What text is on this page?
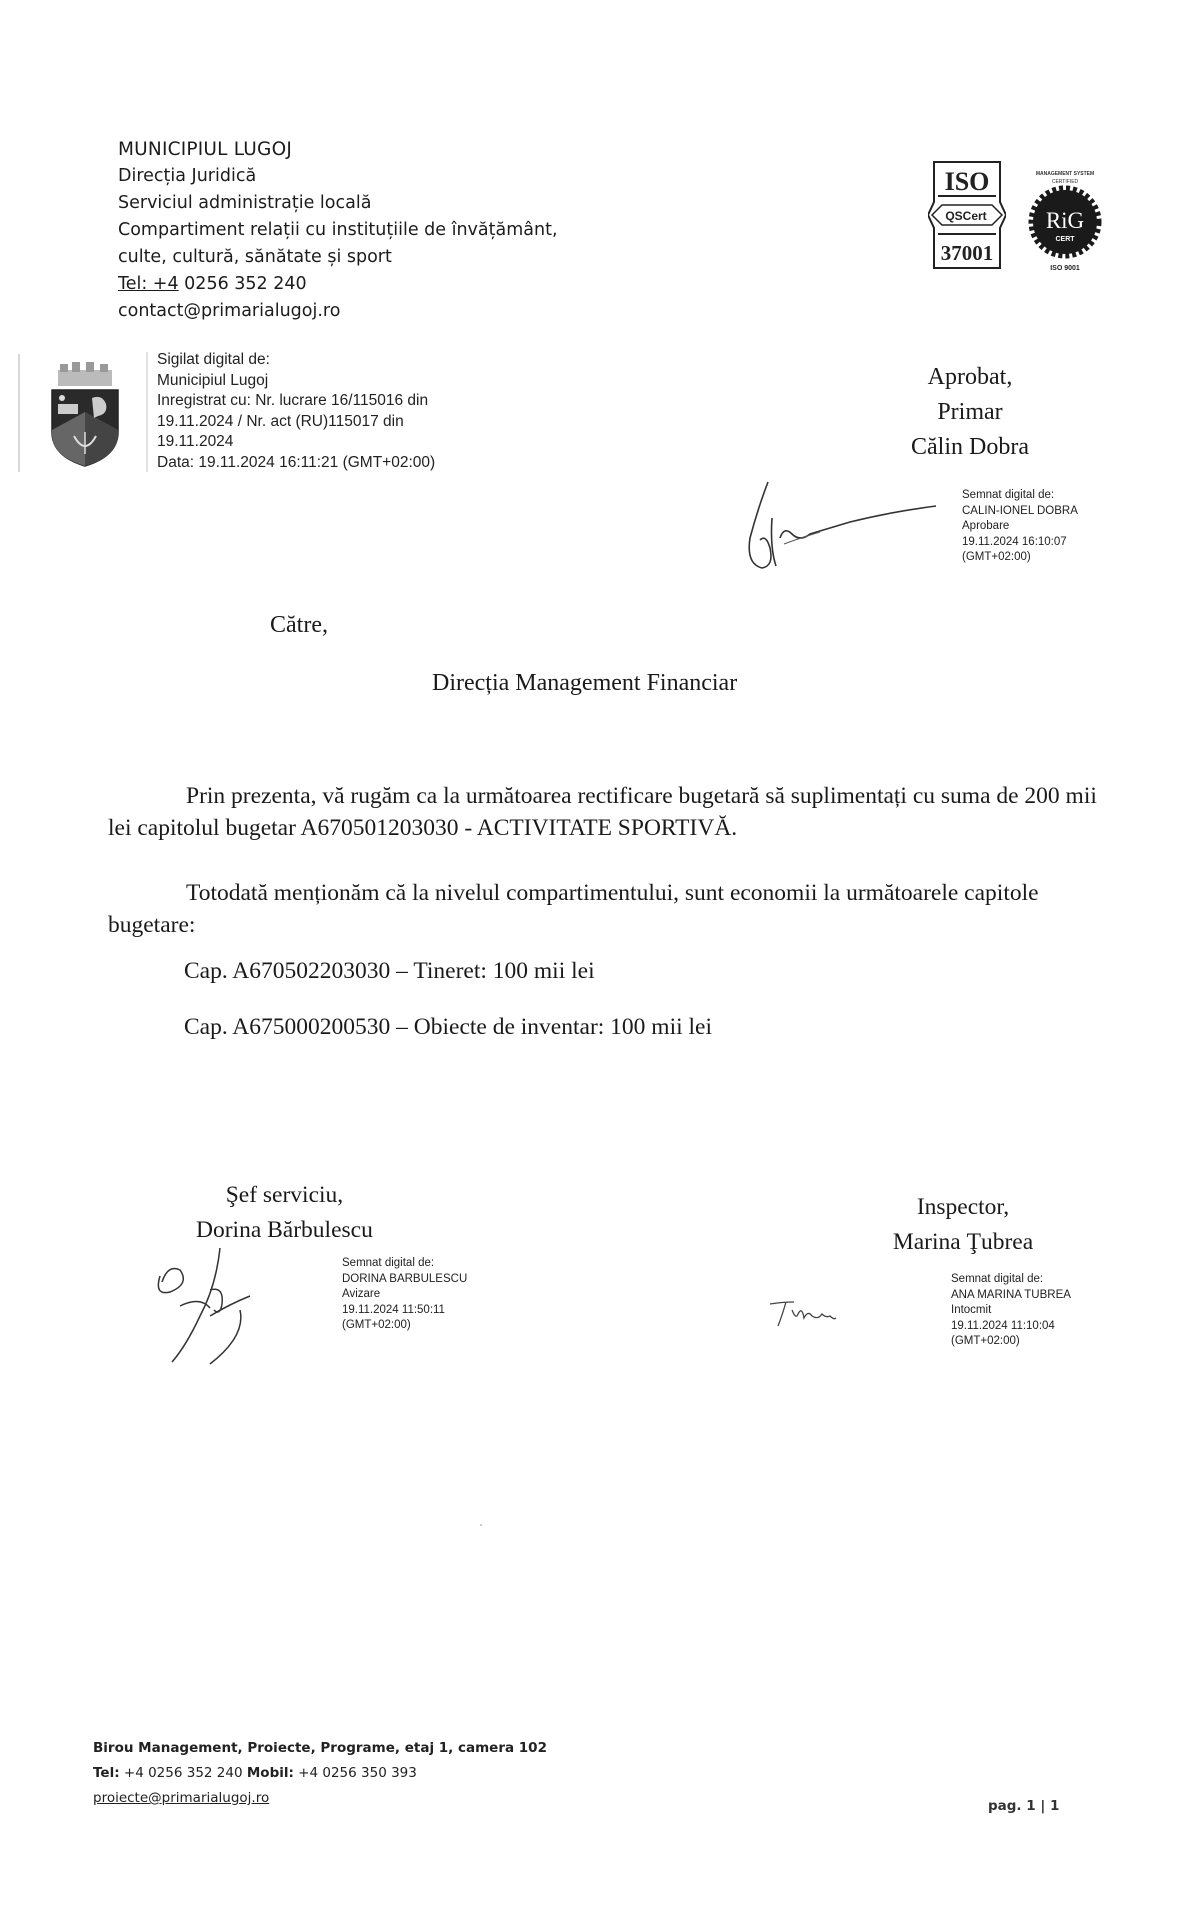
MUNICIPIUL LUGOJ
Direcția Juridică
Serviciul administrație locală
Compartiment relații cu instituțiile de învățământ,
culte, cultură, sănătate și sport
Tel: +4 0256 352 240
contact@primarialugoj.ro
ISO
QSCert
37001
MANAGEMENT SYSTEM
CERTIFIED
RiG
CERT
ISO 9001
Sigilat digital de:
Municipiul Lugoj
Inregistrat cu: Nr. lucrare 16/115016 din
19.11.2024 / Nr. act (RU)115017 din
19.11.2024
Data: 19.11.2024 16:11:21 (GMT+02:00)
Aprobat,
Primar
Călin Dobra
Semnat digital de:
CALIN-IONEL DOBRA
Aprobare
19.11.2024 16:10:07
(GMT+02:00)
Către,
Direcția Management Financiar
Prin prezenta, vă rugăm ca la următoarea rectificare bugetară să suplimentați cu suma de 200 mii lei capitolul bugetar A670501203030 - ACTIVITATE SPORTIVĂ.
Totodată menționăm că la nivelul compartimentului, sunt economii la următoarele capitole bugetare:
Cap. A670502203030 – Tineret: 100 mii lei
Cap. A675000200530 – Obiecte de inventar: 100 mii lei
Şef serviciu,
Dorina Bărbulescu
Semnat digital de:
DORINA BARBULESCU
Avizare
19.11.2024 11:50:11
(GMT+02:00)
Inspector,
Marina Ţubrea
Semnat digital de:
ANA MARINA TUBREA
Intocmit
19.11.2024 11:10:04
(GMT+02:00)
Birou Management, Proiecte, Programe, etaj 1, camera 102
Tel: +4 0256 352 240 Mobil: +4 0256 350 393
proiecte@primarialugoj.ro	pag. 1 | 1
